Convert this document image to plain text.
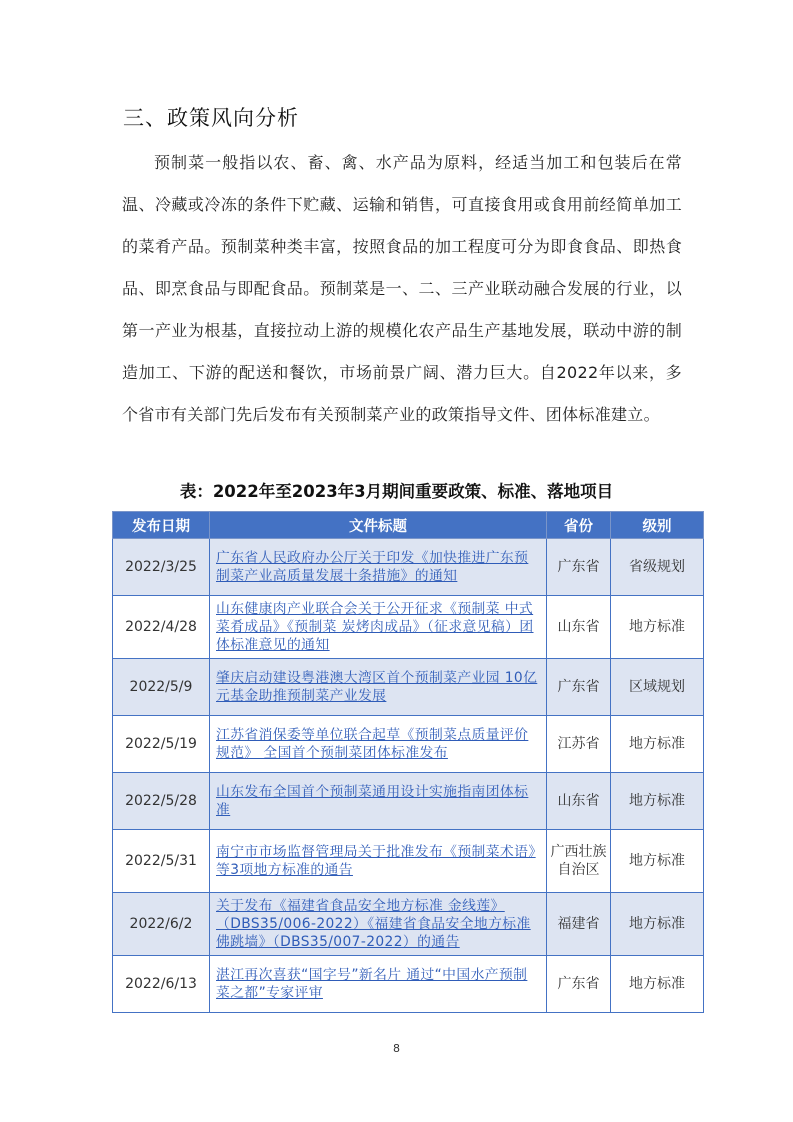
三、政策风向分析

预制菜一般指以农、畜、禽、水产品为原料，经适当加工和包装后在常温、冷藏或冷冻的条件下贮藏、运输和销售，可直接食用或食用前经简单加工的菜肴产品。预制菜种类丰富，按照食品的加工程度可分为即食食品、即热食品、即烹食品与即配食品。预制菜是一、二、三产业联动融合发展的行业，以第一产业为根基，直接拉动上游的规模化农产品生产基地发展，联动中游的制造加工、下游的配送和餐饮，市场前景广阔、潜力巨大。自2022年以来，多个省市有关部门先后发布有关预制菜产业的政策指导文件、团体标准建立。

表：2022年至2023年3月期间重要政策、标准、落地项目
发布日期	文件标题	省份	级别
2022/3/25	广东省人民政府办公厅关于印发《加快推进广东预制菜产业高质量发展十条措施》的通知	广东省	省级规划
2022/4/28	山东健康肉产业联合会关于公开征求《预制菜 中式菜肴成品》《预制菜 炭烤肉成品》（征求意见稿）团体标准意见的通知	山东省	地方标准
2022/5/9	肇庆启动建设粤港澳大湾区首个预制菜产业园 10亿元基金助推预制菜产业发展	广东省	区域规划
2022/5/19	江苏省消保委等单位联合起草《预制菜点质量评价规范》 全国首个预制菜团体标准发布	江苏省	地方标准
2022/5/28	山东发布全国首个预制菜通用设计实施指南团体标准	山东省	地方标准
2022/5/31	南宁市市场监督管理局关于批准发布《预制菜术语》等3项地方标准的通告	广西壮族自治区	地方标准
2022/6/2	关于发布《福建省食品安全地方标准 金线莲》（DBS35/006-2022）《福建省食品安全地方标准 佛跳墙》（DBS35/007-2022）的通告	福建省	地方标准
2022/6/13	湛江再次喜获“国字号”新名片 通过“中国水产预制菜之都”专家评审	广东省	地方标准
8
